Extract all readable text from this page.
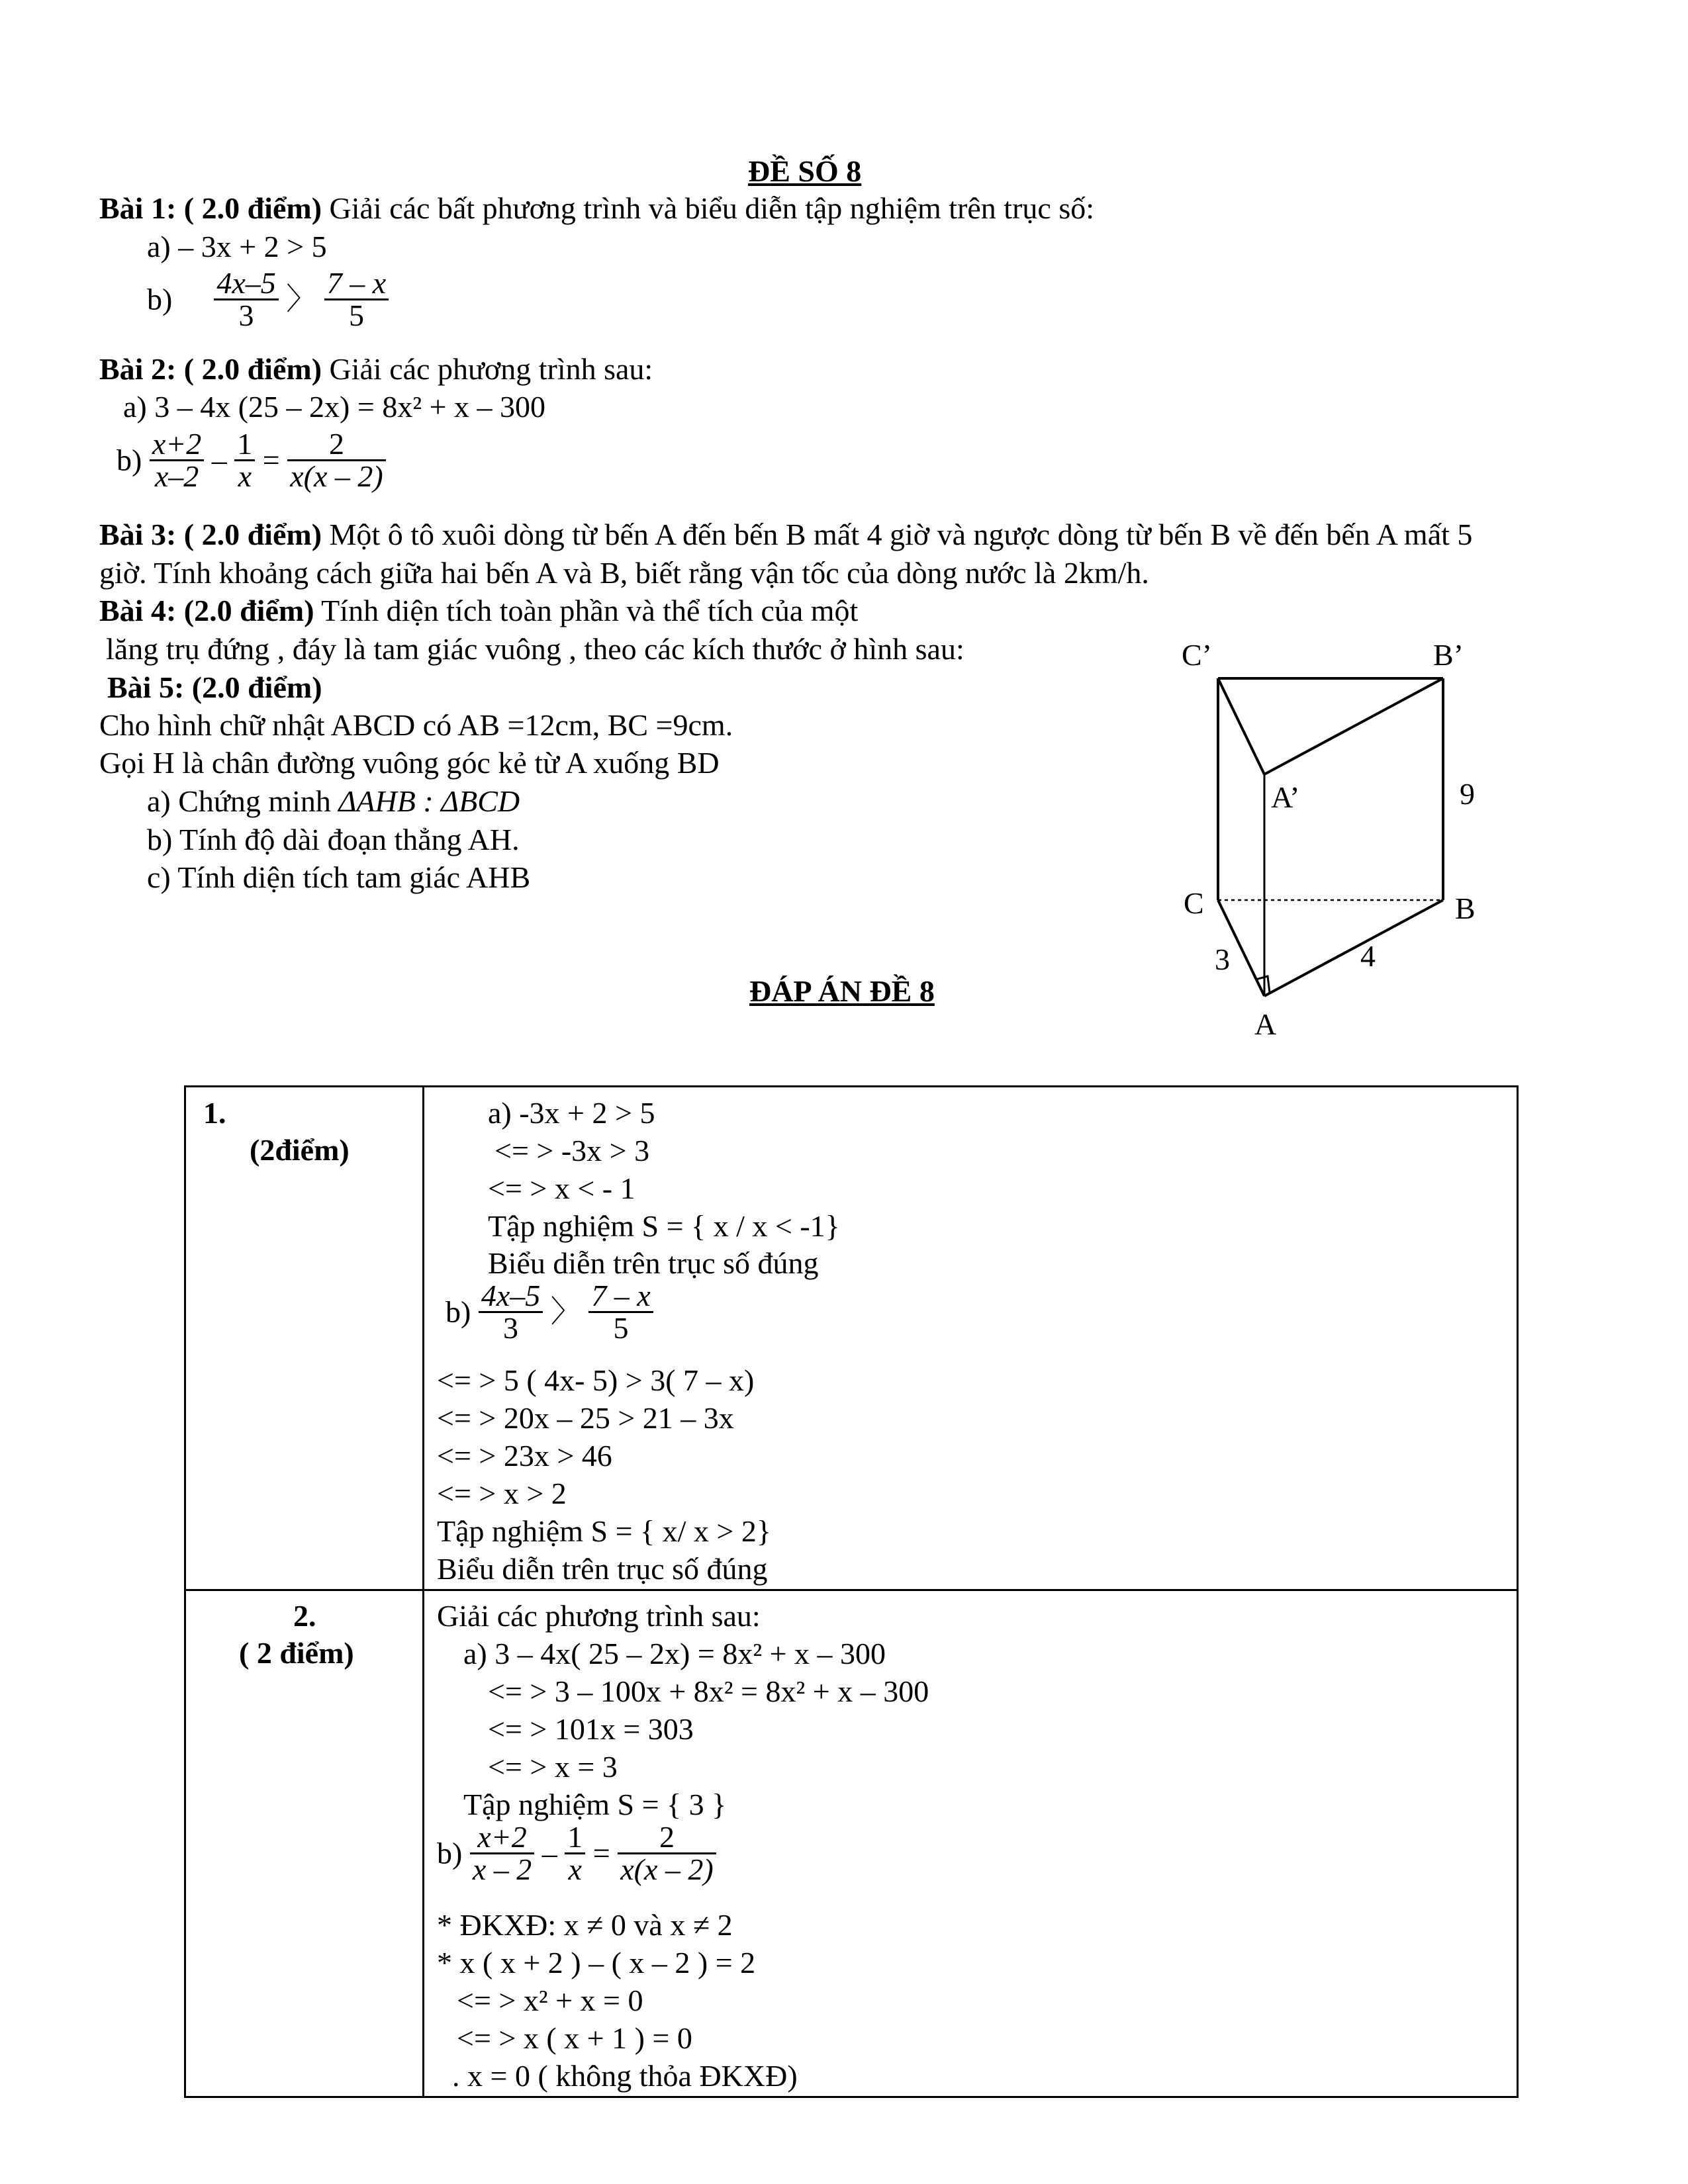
ĐỀ SỐ 8
Bài 1: ( 2.0 điểm) Giải các bất phương trình và biểu diễn tập nghiệm trên trục số:
a) – 3x + 2 > 5
$b) \frac{4x-5}{3}$ 〉 $\frac{7 - x}{5}$
Bài 2: ( 2.0 điểm) Giải các phương trình sau:
a) 3 – 4x (25 – 2x) = 8x² + x – 300
$b) \frac{x+2}{x-2} - \frac{1}{x} = \frac{2}{x(x - 2)}$
Bài 3: ( 2.0 điểm) Một ô tô xuôi dòng từ bến A đến bến B mất 4 giờ và ngược dòng từ bến B về đến bến A mất 5
giờ. Tính khoảng cách giữa hai bến A và B, biết rằng vận tốc của dòng nước là 2km/h.
Bài 4: (2.0 điểm) Tính diện tích toàn phần và thể tích của một
lăng trụ đứng , đáy là tam giác vuông , theo các kích thước ở hình sau:
Bài 5: (2.0 điểm)
Cho hình chữ nhật ABCD có AB =12cm, BC =9cm.
Gọi H là chân đường vuông góc kẻ từ A xuống BD
a) Chứng minh ΔAHB : ΔBCD
b) Tính độ dài đoạn thẳng AH.
c) Tính diện tích tam giác AHB
C’	B’
A’	9
C	B
3	4
A
ĐÁP ÁN ĐỀ 8
1.
(2điểm)
a) -3x + 2 > 5
<= > -3x > 3
<= > x < - 1
Tập nghiệm S = { x / x < -1}
Biểu diễn trên trục số đúng
$b) \frac{4x-5}{3}$ 〉 $\frac{7 - x}{5}$
<= > 5 ( 4x- 5) > 3( 7 – x)
<= > 20x – 25 > 21 – 3x
<= > 23x > 46
<= > x > 2
Tập nghiệm S = { x/ x > 2}
Biểu diễn trên trục số đúng
2.
( 2 điểm)
Giải các phương trình sau:
a) 3 – 4x( 25 – 2x) = 8x² + x – 300
<= > 3 – 100x + 8x² = 8x² + x – 300
<= > 101x = 303
<= > x = 3
Tập nghiệm S = { 3 }
$b) \frac{x+2}{x - 2} - \frac{1}{x} = \frac{2}{x(x - 2)}$
* ĐKXĐ: x ≠ 0 và x ≠ 2
* x ( x + 2 ) – ( x – 2 ) = 2
<= > x² + x = 0
<= > x ( x + 1 ) = 0
. x = 0 ( không thỏa ĐKXĐ)
